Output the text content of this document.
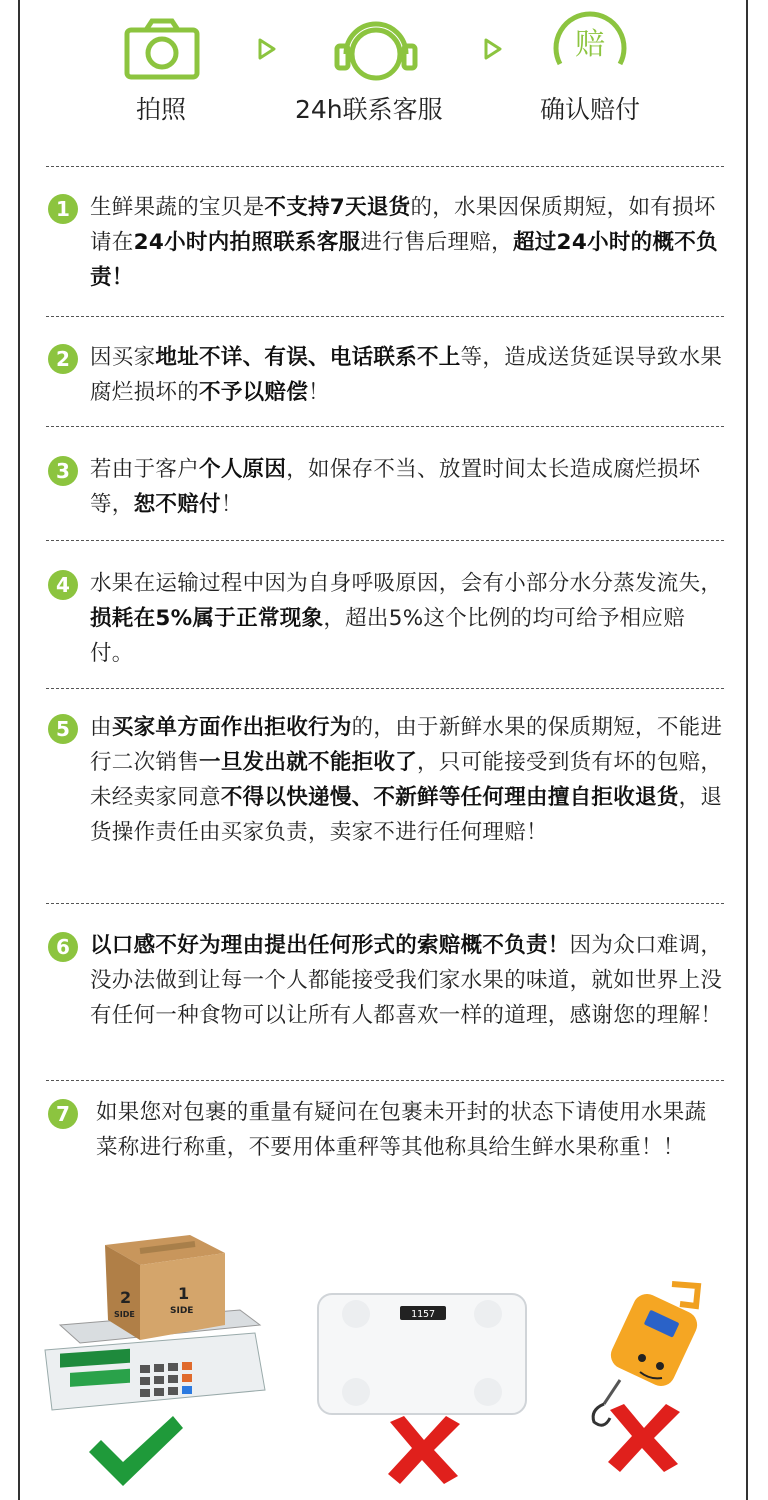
拍照	24h联系客服
赔
确认赔付
1 生鲜果蔬的宝贝是不支持7天退货的，水果因保质期短，如有损坏请在24小时内拍照联系客服进行售后理赔，超过24小时的概不负责！
2 因买家地址不详、有误、电话联系不上等，造成送货延误导致水果腐烂损坏的不予以赔偿！
3 若由于客户个人原因，如保存不当、放置时间太长造成腐烂损坏等，恕不赔付！
4 水果在运输过程中因为自身呼吸原因，会有小部分水分蒸发流失，损耗在5%属于正常现象，超出5%这个比例的均可给予相应赔付。
5 由买家单方面作出拒收行为的，由于新鲜水果的保质期短，不能进行二次销售一旦发出就不能拒收了，只可能接受到货有坏的包赔，未经卖家同意不得以快递慢、不新鲜等任何理由擅自拒收退货，退货操作责任由买家负责，卖家不进行任何理赔！
6 以口感不好为理由提出任何形式的索赔概不负责！因为众口难调，没办法做到让每一个人都能接受我们家水果的味道，就如世界上没有任何一种食物可以让所有人都喜欢一样的道理，感谢您的理解！
7	如果您对包裹的重量有疑问在包裹未开封的状态下请使用水果蔬菜称进行称重，不要用体重秤等其他称具给生鲜水果称重！！
2
SIDE
1
SIDE	1157
